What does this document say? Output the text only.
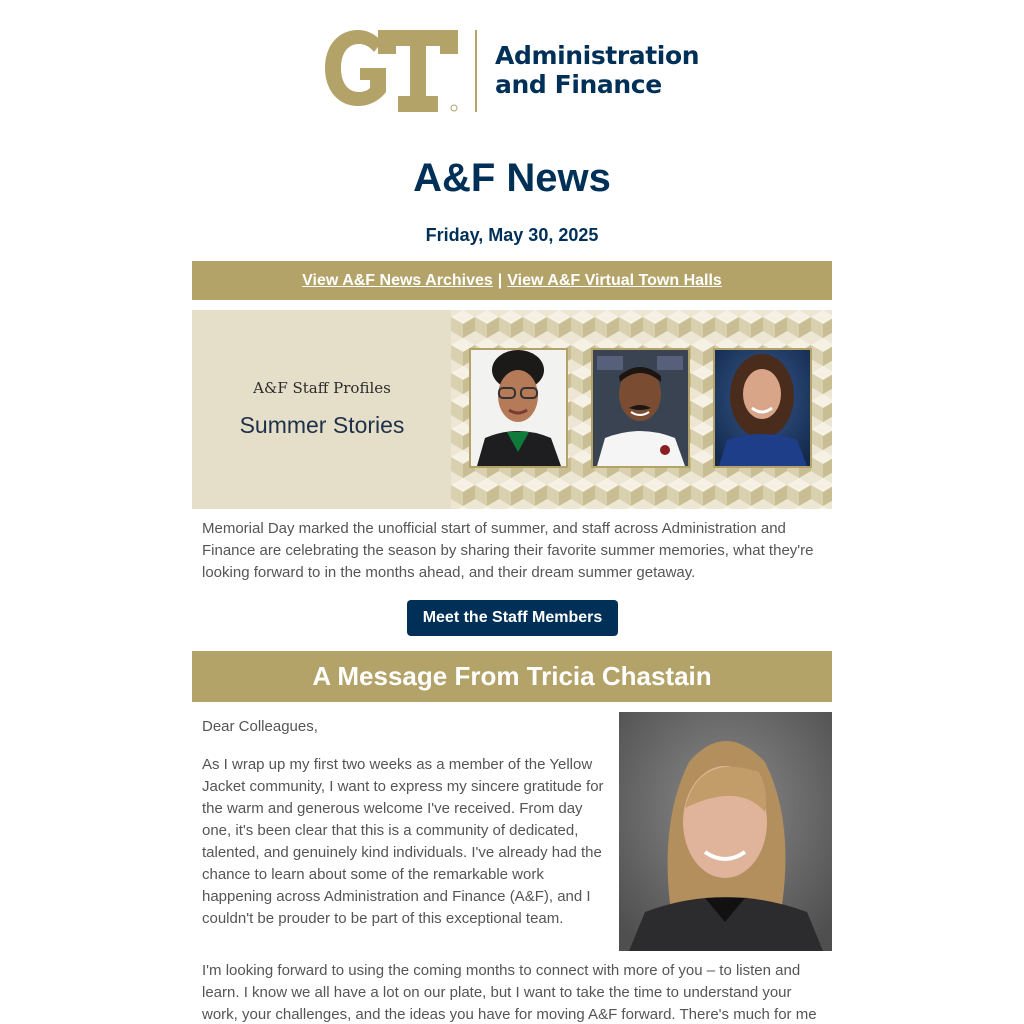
Administration
and Finance
A&F News
Friday, May 30, 2025
View A&F News Archives | View A&F Virtual Town Halls
A&F Staff Profiles
Summer Stories
Memorial Day marked the unofficial start of summer, and staff across Administration and Finance are celebrating the season by sharing their favorite summer memories, what they're looking forward to in the months ahead, and their dream summer getaway.
Meet the Staff Members
A Message From Tricia Chastain
Dear Colleagues,
As I wrap up my first two weeks as a member of the Yellow Jacket community, I want to express my sincere gratitude for the warm and generous welcome I've received. From day one, it's been clear that this is a community of dedicated, talented, and genuinely kind individuals. I've already had the chance to learn about some of the remarkable work happening across Administration and Finance (A&F), and I couldn't be prouder to be part of this exceptional team.
I'm looking forward to using the coming months to connect with more of you – to listen and learn. I know we all have a lot on our plate, but I want to take the time to understand your work, your challenges, and the ideas you have for moving A&F forward. There's much for me
